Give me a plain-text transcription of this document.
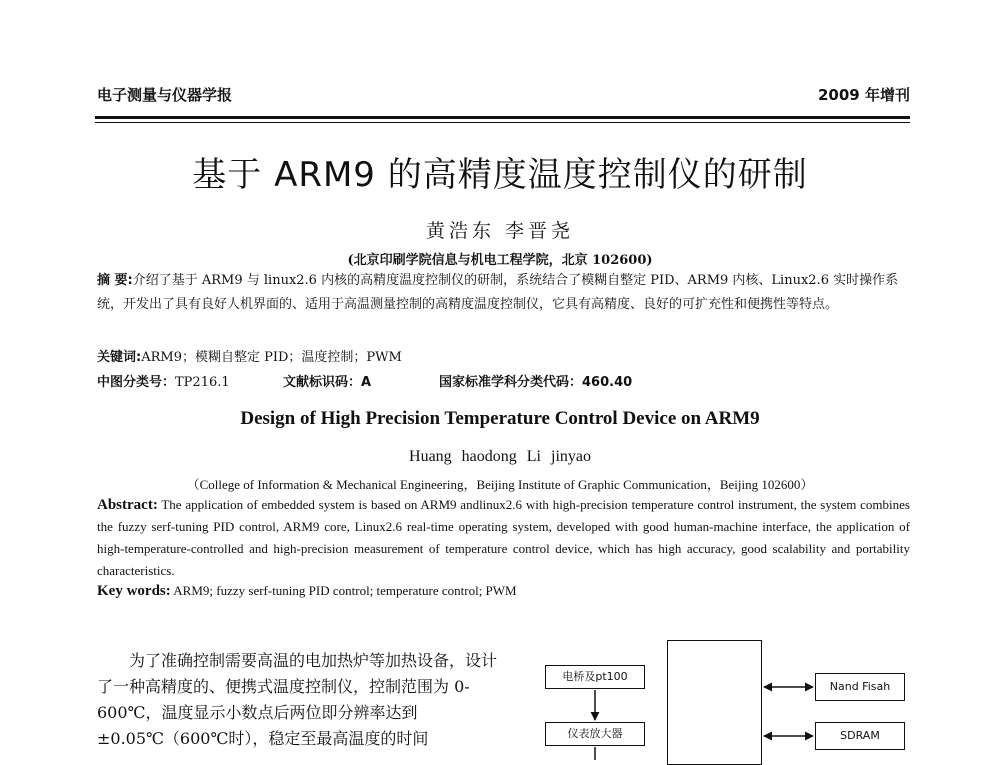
电子测量与仪器学报	2009 年增刊
基于 ARM9 的高精度温度控制仪的研制
黄浩东 李晋尧
(北京印刷学院信息与机电工程学院，北京 102600)
摘 要:介绍了基于 ARM9 与 linux2.6 内核的高精度温度控制仪的研制，系统结合了模糊自整定 PID、ARM9 内核、Linux2.6 实时操作系统，开发出了具有良好人机界面的、适用于高温测量控制的高精度温度控制仪，它具有高精度、良好的可扩充性和便携性等特点。
关键词:ARM9；模糊自整定 PID；温度控制；PWM
中图分类号：TP216.1	文献标识码：A	国家标准学科分类代码：460.40
Design of High Precision Temperature Control Device on ARM9
Huang haodong Li jinyao
（College of Information & Mechanical Engineering，Beijing Institute of Graphic Communication，Beijing 102600）
Abstract: The application of embedded system is based on ARM9 andlinux2.6 with high-precision temperature control instrument, the system combines the fuzzy serf-tuning PID control, ARM9 core, Linux2.6 real-time operating system, developed with good human-machine interface, the application of high-temperature-controlled and high-precision measurement of temperature control device, which has high accuracy, good scalability and portability characteristics.
Key words: ARM9; fuzzy serf-tuning PID control; temperature control; PWM

为了准确控制需要高温的电加热炉等加热设备，设计了一种高精度的、便携式温度控制仪，控制范围为 0-600℃，温度显示小数点后两位即分辨率达到±0.05℃（600℃时），稳定至最高温度的时间

电桥及pt100
仪表放大器
Nand Fisah
SDRAM
